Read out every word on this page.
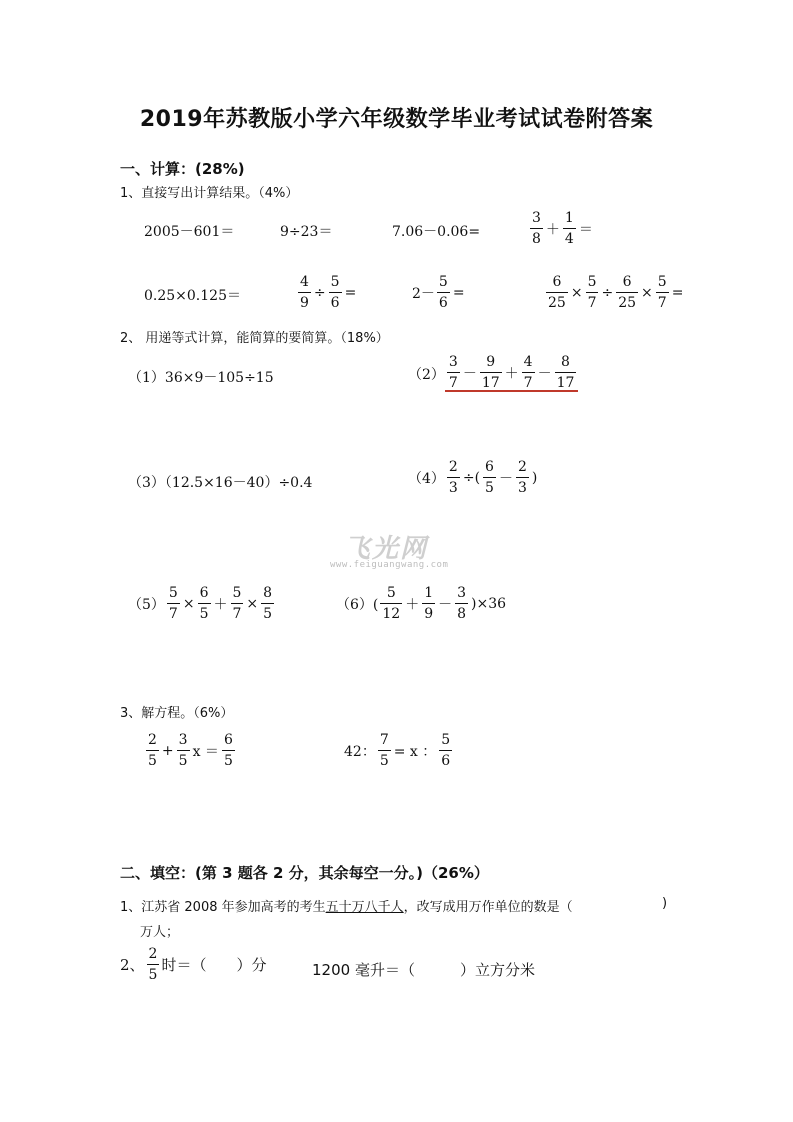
2019年苏教版小学六年级数学毕业考试试卷附答案
一、计算：(28%)
1、直接写出计算结果。（4%）
2005－601＝	9÷23＝	7.06－0.06=	$\frac{3}{8} + \frac{1}{4}$ ＝
0.25×0.125＝	$\frac{4}{9} \div \frac{5}{6}$ =	$2- \frac{5}{6}$ =	$\frac{6}{25} \times \frac{5}{7} \div \frac{6}{25} \times \frac{5}{7}$ =
2、 用递等式计算，能简算的要简算。（18%）
（1）36×9－105÷15	$(2) \frac{3}{7} - \frac{9}{17} + \frac{4}{7} - \frac{8}{17}$
（3）（12.5×16－40）÷0.4	$(4) \frac{2}{3}$ ÷( $\frac{6}{5} - \frac{2}{3}$ )
飞光网
www.feiguangwang.com
$(5) \frac{5}{7} \times \frac{6}{5} + \frac{5}{7} \times \frac{8}{5}$	$(6)( \frac{5}{12} + \frac{1}{9} - \frac{3}{8} )\times 36$
3、解方程。（6%）
$\frac{2}{5} + \frac{3}{5}$ $x = \frac{6}{5}$	42： $\frac{7}{5} = x$ ： $\frac{5}{6}$
二、填空：(第 3 题各 2 分，其余每空一分。)（26%）
1、江苏省 2008 年参加高考的考生五十万八千人，改写成用万作单位的数是（	)
万人；
2、 $\frac{2}{5}$ 时＝（　　）分	1200 毫升＝（　　　）立方分米
